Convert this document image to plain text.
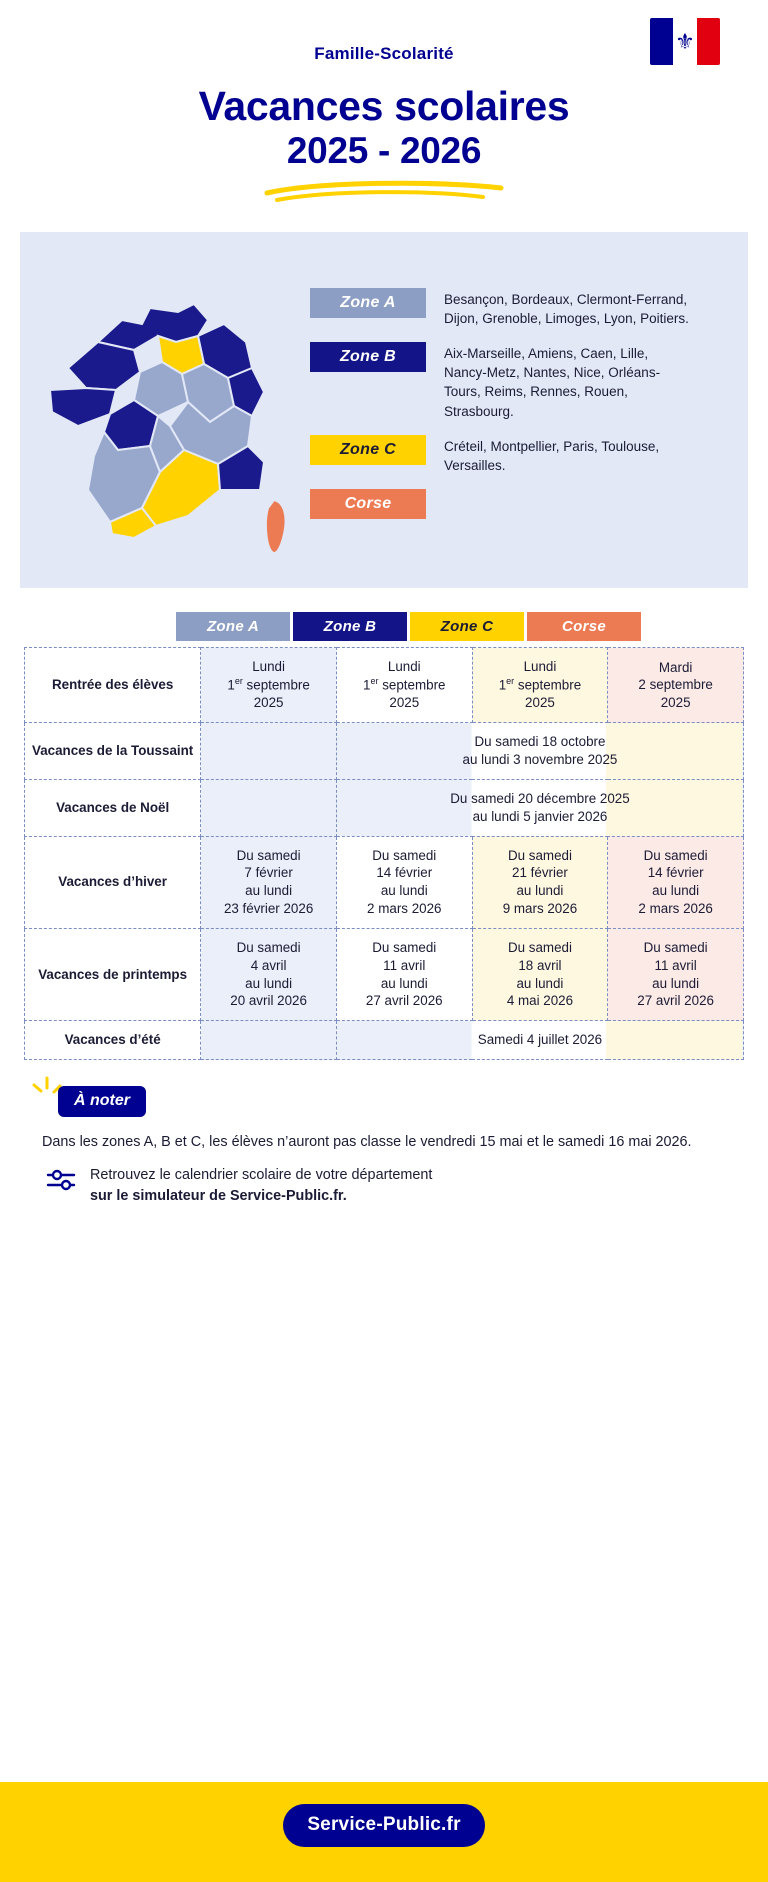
⚜
Famille-Scolarité
Vacances scolaires
2025 - 2026
Zone A	Besançon, Bordeaux, Clermont-Ferrand, Dijon, Grenoble, Limoges, Lyon, Poitiers.
Zone B	Aix-Marseille, Amiens, Caen, Lille, Nancy-Metz, Nantes, Nice, Orléans-Tours, Reims, Rennes, Rouen, Strasbourg.
Zone C	Créteil, Montpellier, Paris, Toulouse, Versailles.
Corse
Zone A	Zone B	Zone C	Corse
Rentrée des élèves	Lundi
1er septembre
2025	Lundi
1er septembre
2025	Lundi
1er septembre
2025	Mardi
2 septembre
2025
Vacances de la Toussaint		Du samedi 18 octobre
au lundi 3 novembre 2025		
Vacances de Noël		Du samedi 20 décembre 2025
au lundi 5 janvier 2026		
Vacances d’hiver	Du samedi
7 février
au lundi
23 février 2026	Du samedi
14 février
au lundi
2 mars 2026	Du samedi
21 février
au lundi
9 mars 2026	Du samedi
14 février
au lundi
2 mars 2026
Vacances de printemps	Du samedi
4 avril
au lundi
20 avril 2026	Du samedi
11 avril
au lundi
27 avril 2026	Du samedi
18 avril
au lundi
4 mai 2026	Du samedi
11 avril
au lundi
27 avril 2026
Vacances d’été		Samedi 4 juillet 2026		
À noter
Dans les zones A, B et C, les élèves n’auront pas classe le vendredi 15 mai et le samedi 16 mai 2026.
Retrouvez le calendrier scolaire de votre département
sur le simulateur de Service-Public.fr.
Service-Public.fr
